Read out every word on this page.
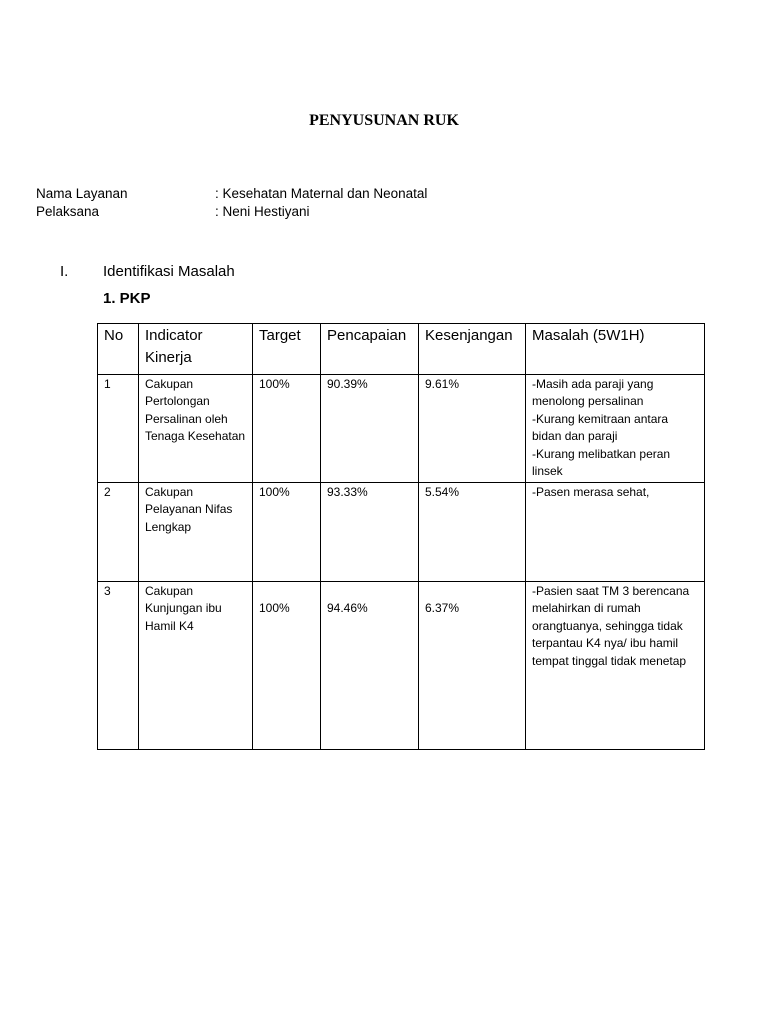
PENYUSUNAN RUK
Nama Layanan	: Kesehatan Maternal dan Neonatal
Pelaksana	: Neni Hestiyani
I. Identifikasi Masalah
1. PKP
No	Indicator Kinerja	Target	Pencapaian	Kesenjangan	Masalah (5W1H)
1	Cakupan Pertolongan Persalinan oleh Tenaga Kesehatan	100%	90.39%	9.61%	-Masih ada paraji yang menolong persalinan
-Kurang kemitraan antara bidan dan paraji
-Kurang melibatkan peran linsek

2	Cakupan Pelayanan Nifas Lengkap	100%	93.33%	5.54%	-Pasen merasa sehat,

3	Cakupan Kunjungan ibu Hamil K4	100%	94.46%	6.37%	-Pasien saat TM 3 berencana melahirkan di rumah orangtuanya, sehingga tidak terpantau K4 nya/ ibu hamil tempat tinggal tidak menetap
